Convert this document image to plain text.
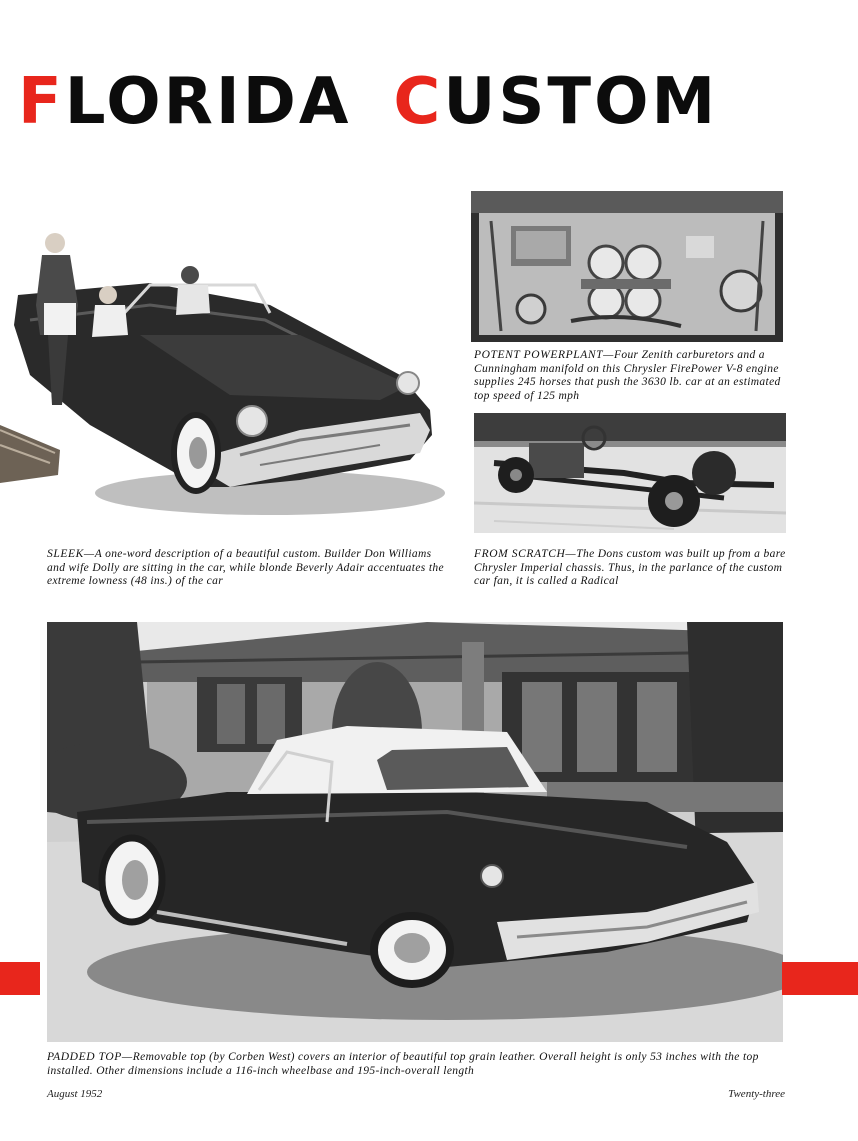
FLORIDA CUSTOM

POTENT POWERPLANT—Four Zenith carburetors and a Cunningham manifold on this Chrysler FirePower V-8 engine supplies 245 horses that push the 3630 lb. car at an estimated top speed of 125 mph

SLEEK—A one-word description of a beautiful custom. Builder Don Williams and wife Dolly are sitting in the car, while blonde Beverly Adair accentuates the extreme lowness (48 ins.) of the car

FROM SCRATCH—The Dons custom was built up from a bare Chrysler Imperial chassis. Thus, in the parlance of the custom car fan, it is called a Radical

PADDED TOP—Removable top (by Corben West) covers an interior of beautiful top grain leather. Overall height is only 53 inches with the top installed. Other dimensions include a 116-inch wheelbase and 195-inch-overall length

August 1952	Twenty-three
